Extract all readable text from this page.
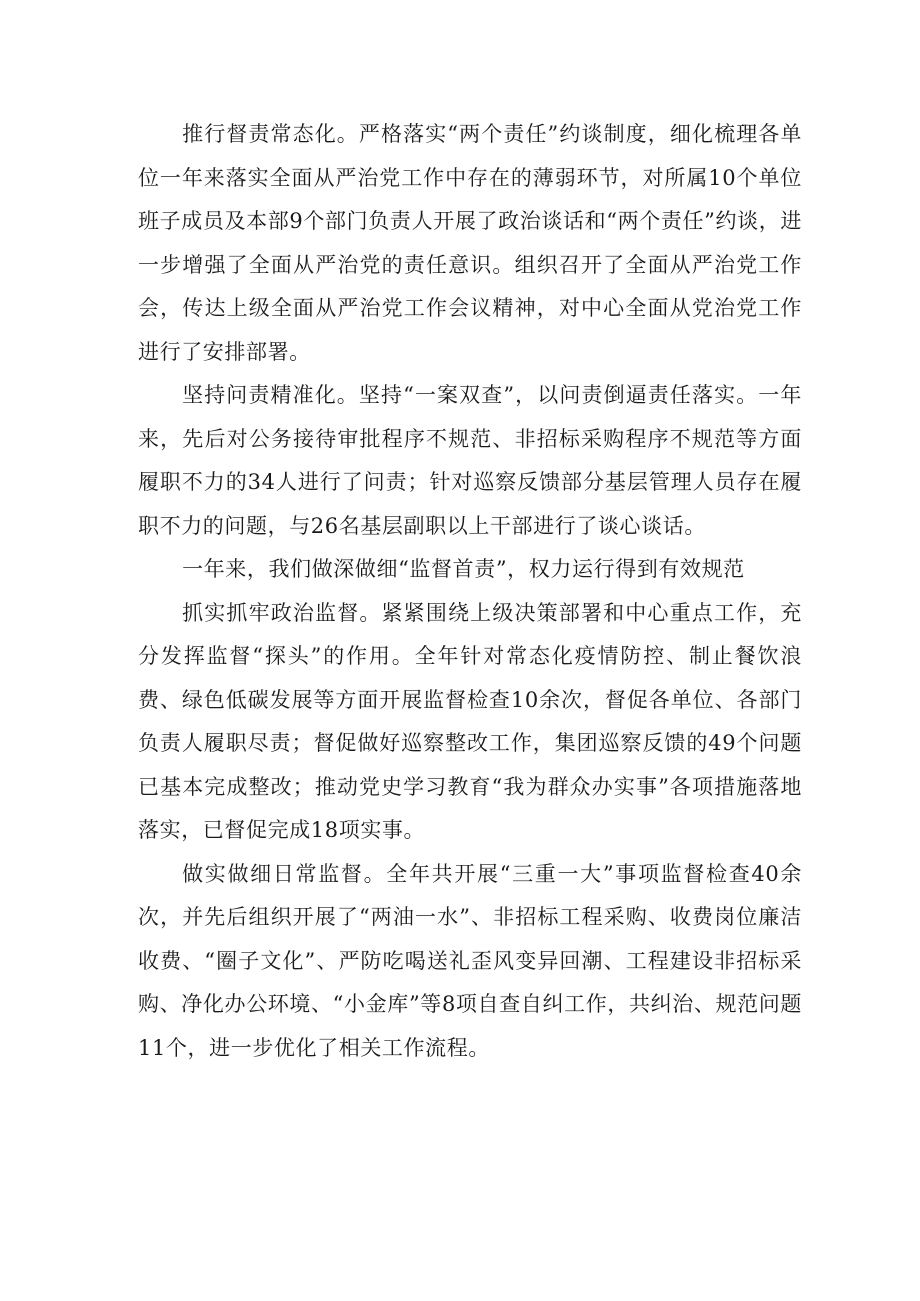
推行督责常态化。严格落实“两个责任”约谈制度，细化梳理各单位一年来落实全面从严治党工作中存在的薄弱环节，对所属10个单位班子成员及本部9个部门负责人开展了政治谈话和“两个责任”约谈，进一步增强了全面从严治党的责任意识。组织召开了全面从严治党工作会，传达上级全面从严治党工作会议精神，对中心全面从党治党工作进行了安排部署。

坚持问责精准化。坚持“一案双查”，以问责倒逼责任落实。一年来，先后对公务接待审批程序不规范、非招标采购程序不规范等方面履职不力的34人进行了问责；针对巡察反馈部分基层管理人员存在履职不力的问题，与26名基层副职以上干部进行了谈心谈话。

一年来，我们做深做细“监督首责”，权力运行得到有效规范

抓实抓牢政治监督。紧紧围绕上级决策部署和中心重点工作，充分发挥监督“探头”的作用。全年针对常态化疫情防控、制止餐饮浪费、绿色低碳发展等方面开展监督检查10余次，督促各单位、各部门负责人履职尽责；督促做好巡察整改工作，集团巡察反馈的49个问题已基本完成整改；推动党史学习教育“我为群众办实事”各项措施落地落实，已督促完成18项实事。

做实做细日常监督。全年共开展“三重一大”事项监督检查40余次，并先后组织开展了“两油一水”、非招标工程采购、收费岗位廉洁收费、“圈子文化”、严防吃喝送礼歪风变异回潮、工程建设非招标采购、净化办公环境、“小金库”等8项自查自纠工作，共纠治、规范问题11个，进一步优化了相关工作流程。
